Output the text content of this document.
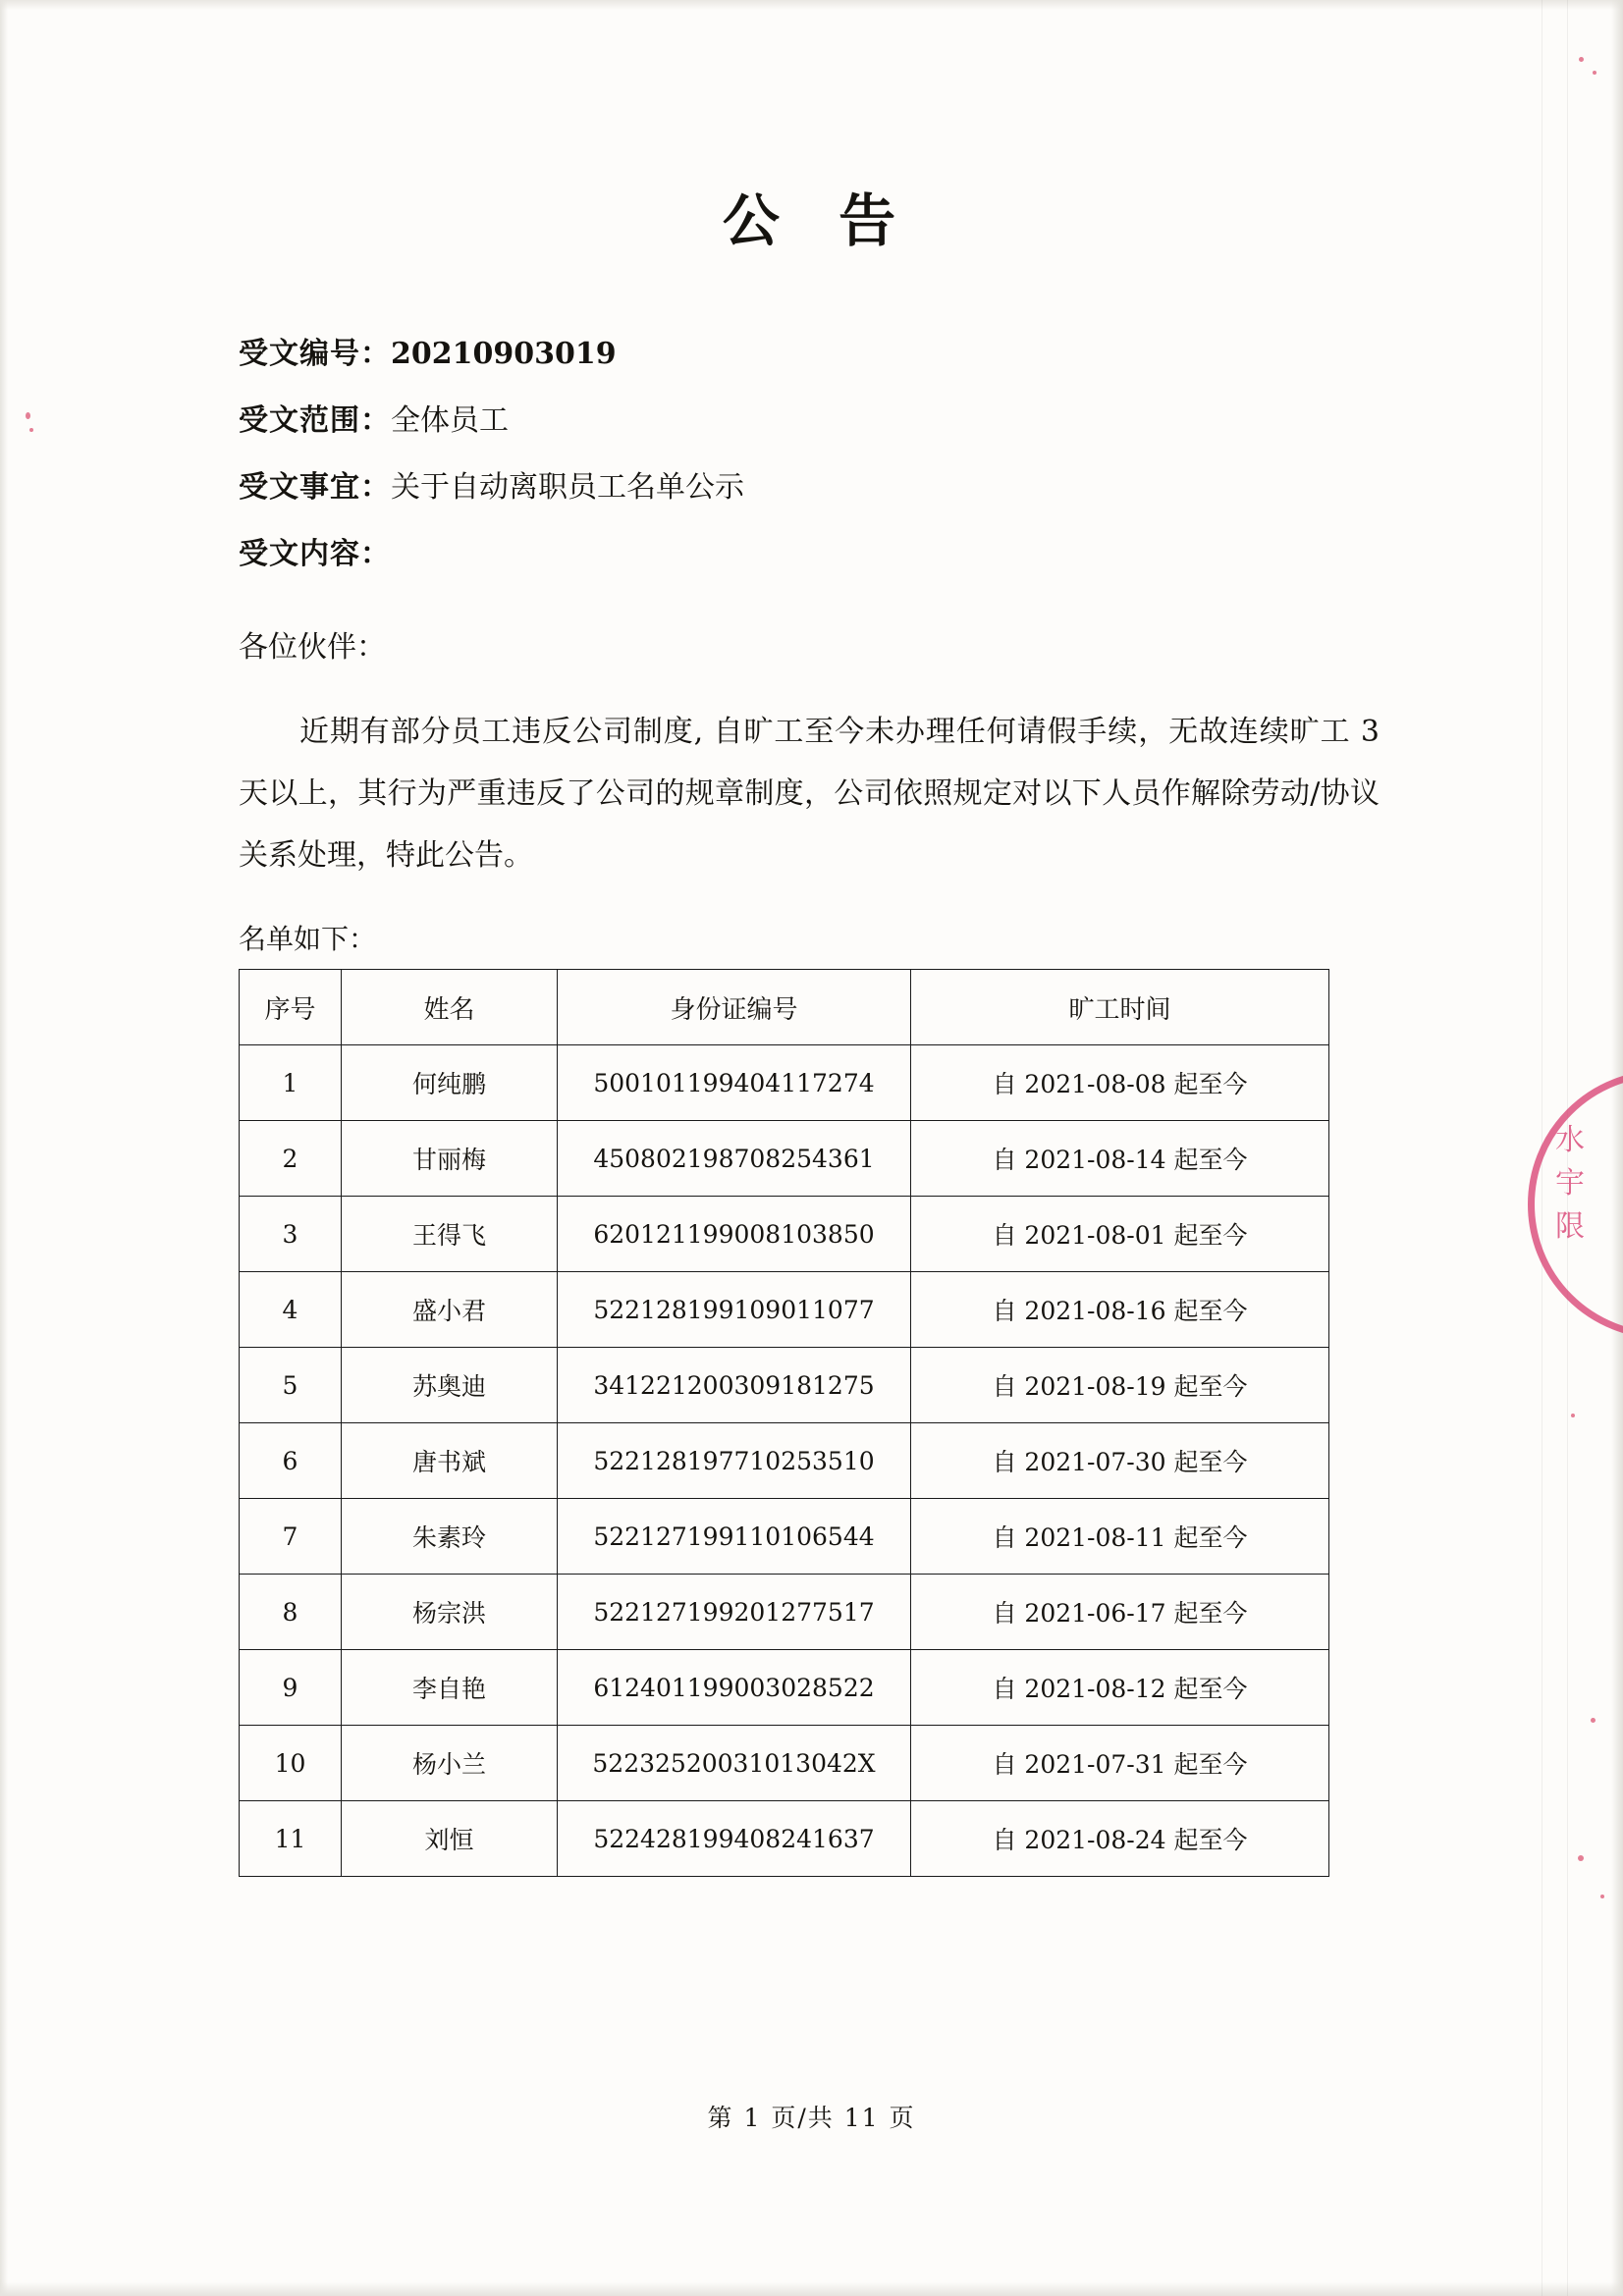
水
宇
限
公 告
受文编号：20210903019
受文范围：全体员工
受文事宜：关于自动离职员工名单公示
受文内容：
各位伙伴：

近期有部分员工违反公司制度, 自旷工至今未办理任何请假手续，无故连续旷工 3 天以上，其行为严重违反了公司的规章制度，公司依照规定对以下人员作解除劳动/协议关系处理，特此公告。

名单如下：
序号	姓名	身份证编号	旷工时间
1	何纯鹏	500101199404117274	自 2021-08-08 起至今
2	甘丽梅	450802198708254361	自 2021-08-14 起至今
3	王得飞	620121199008103850	自 2021-08-01 起至今
4	盛小君	522128199109011077	自 2021-08-16 起至今
5	苏奥迪	341221200309181275	自 2021-08-19 起至今
6	唐书斌	522128197710253510	自 2021-07-30 起至今
7	朱素玲	522127199110106544	自 2021-08-11 起至今
8	杨宗洪	522127199201277517	自 2021-06-17 起至今
9	李自艳	612401199003028522	自 2021-08-12 起至今
10	杨小兰	52232520031013042X	自 2021-07-31 起至今
11	刘恒	522428199408241637	自 2021-08-24 起至今
第 1 页/共 11 页
